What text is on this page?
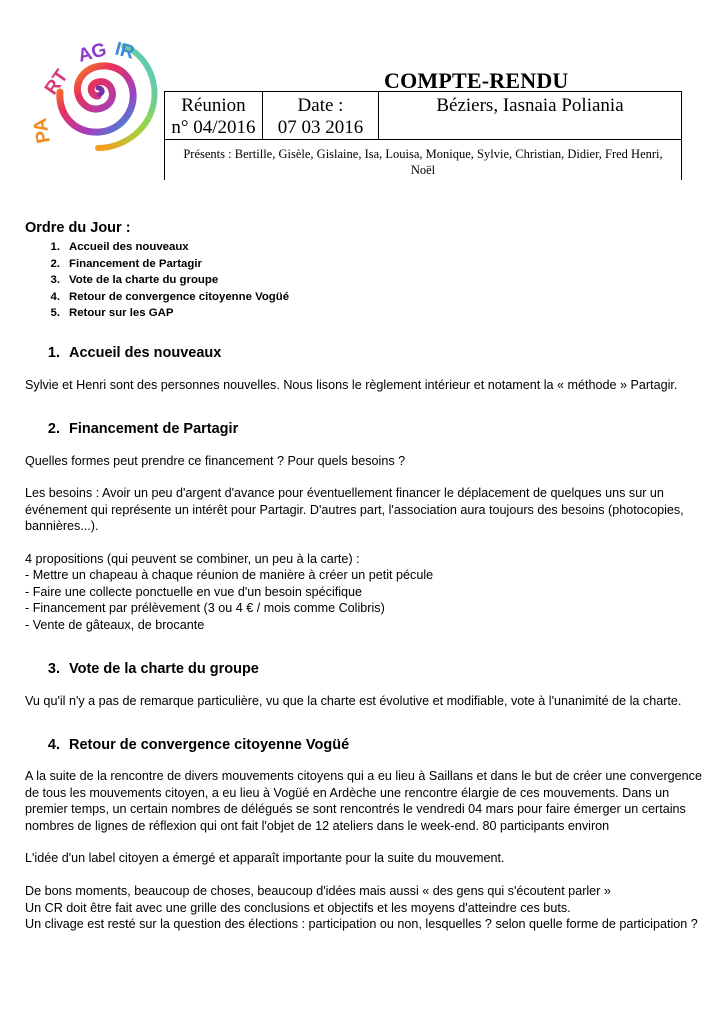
PA
RT
AG IR
COMPTE-RENDU
Réunion
n° 04/2016
Date :
07 03 2016
Béziers, Iasnaia Poliania
Présents : Bertille, Gisèle, Gislaine, Isa, Louisa, Monique, Sylvie, Christian, Didier, Fred Henri, Noël
Ordre du Jour :
1. Accueil des nouveaux
2. Financement de Partagir
3. Vote de la charte du groupe
4. Retour de convergence citoyenne Vogüé
5. Retour sur les GAP
1. Accueil des nouveaux

Sylvie et Henri sont des personnes nouvelles. Nous lisons le règlement intérieur et notament la « méthode » Partagir.

2. Financement de Partagir

Quelles formes peut prendre ce financement ? Pour quels besoins ?

Les besoins : Avoir un peu d'argent d'avance pour éventuellement financer le déplacement de quelques uns sur un événement qui représente un intérêt pour Partagir. D'autres part, l'association aura toujours des besoins (photocopies, bannières...).

4 propositions (qui peuvent se combiner, un peu à la carte) :

- Mettre un chapeau à chaque réunion de manière à créer un petit pécule

- Faire une collecte ponctuelle en vue d'un besoin spécifique

- Financement par prélèvement (3 ou 4 € / mois comme Colibris)

- Vente de gâteaux, de brocante

3. Vote de la charte du groupe

Vu qu'il n'y a pas de remarque particulière, vu que la charte est évolutive et modifiable, vote à l'unanimité de la charte.

4. Retour de convergence citoyenne Vogüé

A la suite de la rencontre de divers mouvements citoyens qui a eu lieu à Saillans et dans le but de créer une convergence de tous les mouvements citoyen, a eu lieu à Vogüé en Ardèche une rencontre élargie de ces mouvements. Dans un premier temps, un certain nombres de délégués se sont rencontrés le vendredi 04 mars pour faire émerger un certains nombres de lignes de réflexion qui ont fait l'objet de 12 ateliers dans le week-end. 80 participants environ

L'idée d'un label citoyen a émergé et apparaît importante pour la suite du mouvement.

De bons moments, beaucoup de choses, beaucoup d'idées mais aussi « des gens qui s'écoutent parler »

Un CR doit être fait avec une grille des conclusions et objectifs et les moyens d'atteindre ces buts.

Un clivage est resté sur la question des élections : participation ou non, lesquelles ? selon quelle forme de participation ?
